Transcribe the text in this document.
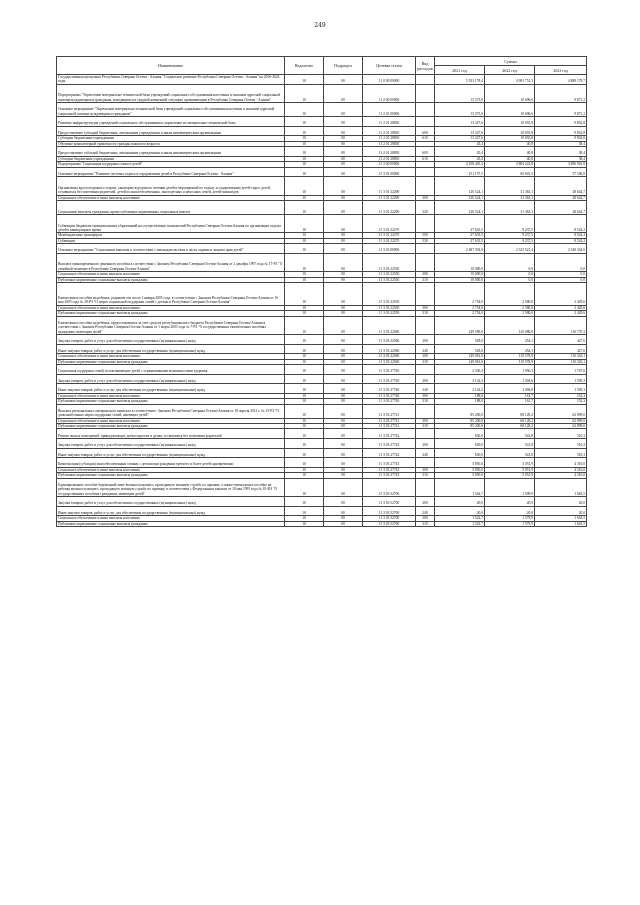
249
Наименование	Ведомство	Подраздел	Целевая статья	Вид расходов	Суммы		
					2021 год	2022 год	2023 год
Государственная программа Республики Северная Осетия - Алания "Социальное развитие Республики Северная Осетия - Алания" на 2016-2024 годы	10	00	11 0 00 00000		5 353 178,4	4 981 751,3	4 889 178,7
Подпрограмма "Укрепление материально-технической базы учреждений социального обслуживания населения и оказание адресной социальной помощи нуждающимся гражданам, находящимся в трудной жизненной ситуации, проживающим в Республике Северная Осетия - Алания"	10	00	11 2 00 00000		13 373,0	10 696,6	9 871,2
Основное мероприятие "Укрепление материально-технической базы учреждений социального обслуживания населения и оказание адресной социальной помощи нуждающимся гражданам"	10	00	11 2 01 00000		13 373,0	10 696,6	9 871,2
Развитие инфраструктуры учреждений социального обслуживания и укрепление их материально-технической базы	10	00	11 2 01 28830		13 327,6	10 655,8	9 832,8
Предоставление субсидий бюджетным, автономным учреждениям и иным некоммерческим организациям	10	00	11 2 01 28830	600	13 327,6	10 655,8	9 832,8
Субсидии бюджетным учреждениям	10	00	11 2 01 28830	610	13 327,6	10 655,8	9 832,8
Обучение компьютерной грамотности граждан пожилого возраста	10	00	11 2 01 28850		45,4	40,8	38,4
Предоставление субсидий бюджетным, автономным учреждениям и иным некоммерческим организациям	10	00	11 2 01 28850	600	45,4	40,8	38,4
Субсидии бюджетным учреждениям	10	00	11 2 01 28850	610	45,4	40,8	38,4
Подпрограмма "Социальная поддержка семьи и детей"	10	00	11 3 00 00000		4 108 445,4	3 884 222,8	3 896 901,8
Основное мероприятие "Развитие системы отдыха и оздоровления детей в Республике Северная Осетия - Алания"	10	00	11 3 01 00000		151 157,5	60 601,5	57 166,9
Организация круглогодичного отдыха, санаторно-курортного лечения детей и мероприятий по отдыху и оздоровлению детей-сирот, детей, оставшихся без попечения родителей, детей из малообеспеченных, многодетных и неполных семей, детей-инвалидов	10	00	11 3 01 22290		126 524,1	31 363,1	28 642,7
Социальное обеспечение и иные выплаты населению	10	00	11 3 01 22290	300	126 524,1	31 363,1	28 642,7
Социальные выплаты гражданам, кроме публичных нормативных социальных выплат	10	00	11 3 01 22290	320	126 524,1	31 363,1	28 642,7
Субвенции бюджетам муниципальных образований на осуществление полномочий Республики Северная Осетия-Алания по организации отдыха детей в каникулярное время	10	00	11 3 01 22270		27 633,5	9 237,5	8 524,2
Межбюджетные трансферты	10	00	11 3 01 22270	500	27 633,5	9 237,5	8 524,2
Субвенции	10	00	11 3 01 22270	530	27 633,5	9 237,5	8 524,2
Основное мероприятие "Социальные выплаты в соответствии с законодательством в части охраны и защиты прав детей"	10	00	11 3 03 00000		2 487 392,0	2 323 521,4	2 349 334,6
Выплата единовременного денежного пособия в соответствии с Законом Республики Северная Осетия-Алания от 2 декабря 1997 года № 17-РЗ "О семейной политике в Республике Северная Осетия-Алания"	10	00	11 3 03 22530		10 000,0	0,0	0,0
Социальное обеспечение и иные выплаты населению	10	00	11 3 03 22530	300	10 000,0	0,0	0,0
Публичные нормативные социальные выплаты гражданам	10	00	11 3 03 22530	310	10 000,0	0,0	0,0
Ежемесячное пособие на ребенка, родившегося после 1 января 2005 года, в соответствии с Законом Республики Северная Осетия-Алания от 16 мая 2005 года № 29-РЗ "О мерах социальной поддержки семей с детьми в Республике Северная Осетия-Алания"	10	00	11 3 03 22550		2 754,0	2 580,0	2 429,6
Социальное обеспечение и иные выплаты населению	10	00	11 3 03 22550	300	2 754,0	2 580,0	2 429,6
Публичные нормативные социальные выплаты гражданам	10	00	11 3 03 22550	310	2 754,0	2 580,0	2 429,6
Ежемесячное пособие на ребенка, предоставляемое за счет средств республиканского бюджета Республики Северная Осетия-Алания в соответствии с Законом Республики Северная Осетия-Алания от 1 марта 2005 года № 7-РЗ "О государственных ежемесячных пособиях гражданам, имеющим детей"	10	00	11 3 03 22560		149 589,0	120 080,0	110 770,3
Закупка товаров, работ и услуг для обеспечения государственных (муниципальных) нужд	10	00	11 3 03 22560	200	528,0	454,1	427,6
Иные закупки товаров, работ и услуг для обеспечения государственных (муниципальных) нужд	10	00	11 3 03 22560	240	528,0	454,1	427,6
Социальное обеспечение и иные выплаты населению	10	00	11 3 03 22560	300	149 061,0	119 578,9	110 343,1
Публичные нормативные социальные выплаты гражданам	10	00	11 3 03 22560	310	149 061,0	119 578,9	110 343,1
Социальная поддержка семей, воспитывающих детей с ограниченными возможностями здоровья	10	00	11 3 03 27740		2 330,2	1 956,3	1 747,6
Закупка товаров, работ и услуг для обеспечения государственных (муниципальных) нужд	10	00	11 3 03 27740	200	2 142,2	1 494,6	1 595,3
Иные закупки товаров, работ и услуг для обеспечения государственных (муниципальных) нужд	10	00	11 3 03 27740	240	2 142,2	1 494,6	1 595,3
Социальное обеспечение и иные выплаты населению	10	00	11 3 03 27740	300	188,0	161,7	152,3
Публичные нормативные социальные выплаты гражданам	10	00	11 3 03 27740	310	188,0	161,7	152,3
Выплата регионального материнского капитала в соответствии с Законом Республики Северная Осетия-Алания от 18 апреля 2012 г. № 15-РЗ "О дополнительных мерах поддержки семей, имеющих детей"	10	00	11 3 03 27741		85 200,0	68 128,2	62 899,0
Социальное обеспечение и иные выплаты населению	10	00	11 3 03 27741	300	85 200,0	68 128,2	62 899,0
Публичные нормативные социальные выплаты гражданам	10	00	11 3 03 27741	310	85 200,0	68 128,2	62 899,0
Ремонт жилых помещений, принадлежащих детям-сиротам и детям, оставшимся без попечения родителей	10	00	11 3 03 27742		650,0	541,8	510,3
Закупка товаров, работ и услуг для обеспечения государственных (муниципальных) нужд	10	00	11 3 03 27742	200	650,0	541,8	510,3
Иные закупки товаров, работ и услуг для обеспечения государственных (муниципальных) нужд	10	00	11 3 03 27742	240	650,0	541,8	510,3
Компенсация (субсидия) малообеспеченным семьям с детьми при рождении третьего и более детей одновременно	10	00	11 3 03 27743		5 850,0	5 051,9	4 316,0
Социальное обеспечение и иные выплаты населению	10	00	11 3 03 27743	300	5 850,0	5 051,9	4 316,0
Публичные нормативные социальные выплаты гражданам	10	00	11 3 03 27743	310	5 850,0	5 051,9	4 316,0
Единовременное пособие беременной жене военнослужащего, проходящего военную службу по призыву, а также ежемесячное пособие на ребенка военнослужащего, проходящего военную службу по призыву, в соответствии с Федеральным законом от 19 мая 1995 года № 81-ФЗ "О государственных пособиях гражданам, имеющим детей"	10	00	11 3 03 52700		1 542,7	1 599,9	1 663,5
Закупка товаров, работ и услуг для обеспечения государственных (муниципальных) нужд	10	00	11 3 03 52700	200	20,0	20,0	20,0
Иные закупки товаров, работ и услуг для обеспечения государственных (муниципальных) нужд	10	00	11 3 03 52700	240	20,0	20,0	20,0
Социальное обеспечение и иные выплаты населению	10	00	11 3 03 52700	300	1 522,7	1 579,9	1 643,5
Публичные нормативные социальные выплаты гражданам	10	00	11 3 03 52700	310	1 522,7	1 579,9	1 643,5
